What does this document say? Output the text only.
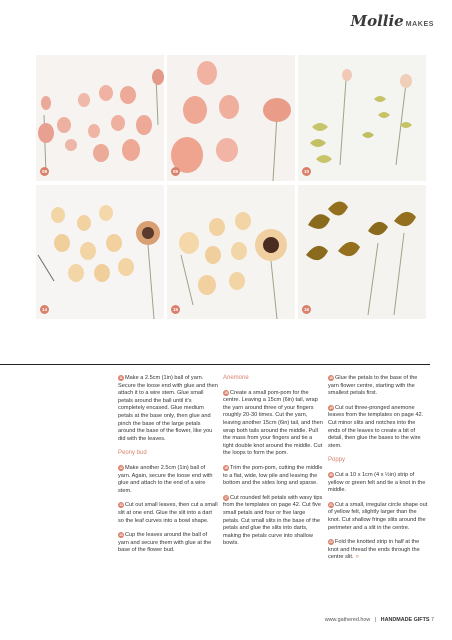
Mollie MAKES
08	09	10
14	15	16

11 Make a 2.5cm (1in) ball of yarn. Secure the loose end with glue and then attach it to a wire stem. Glue small petals around the ball until it's completely encased. Glue medium petals at the base only, then glue and pinch the base of the large petals around the base of the flower, like you did with the leaves.

Peony bud

12 Make another 2.5cm (1in) ball of yarn. Again, secure the loose end with glue and attach to the end of a wire stem.

13 Cut out small leaves, then cut a small slit at one end. Glue the slit into a dart so the leaf curves into a bowl shape.

14 Cup the leaves around the ball of yarn and secure them with glue at the base of the flower bud.

Anemone

15 Create a small pom-pom for the centre. Leaving a 15cm (6in) tail, wrap the yarn around three of your fingers roughly 20-30 times. Cut the yarn, leaving another 15cm (6in) tail, and then wrap both tails around the middle. Pull the mass from your fingers and tie a tight double knot around the middle. Cut the loops to form the pom.

16 Trim the pom-pom, cutting the middle to a flat, wide, low pile and leaving the bottom and the sides long and sparse.

17 Cut rounded felt petals with wavy tips from the templates on page 42. Cut five small petals and four or five large petals. Cut small slits in the base of the petals and glue the slits into darts, making the petals curve into shallow bowls.

18 Glue the petals to the base of the yarn flower centre, starting with the smallest petals first.

19 Cut out three-pronged anemone leaves from the templates on page 42. Cut minor slits and notches into the ends of the leaves to create a bit of detail, then glue the bases to the wire stem.

Poppy

20 Cut a 10 x 1cm (4 x ½in) strip of yellow or green felt and tie a knot in the middle.

21 Cut a small, irregular circle shape out of yellow felt, slightly larger than the knot. Cut shallow fringe slits around the perimeter and a slit in the centre.

22 Fold the knotted strip in half at the knot and thread the ends through the centre slit. »

www.gathered.how | HANDMADE GIFTS 7
